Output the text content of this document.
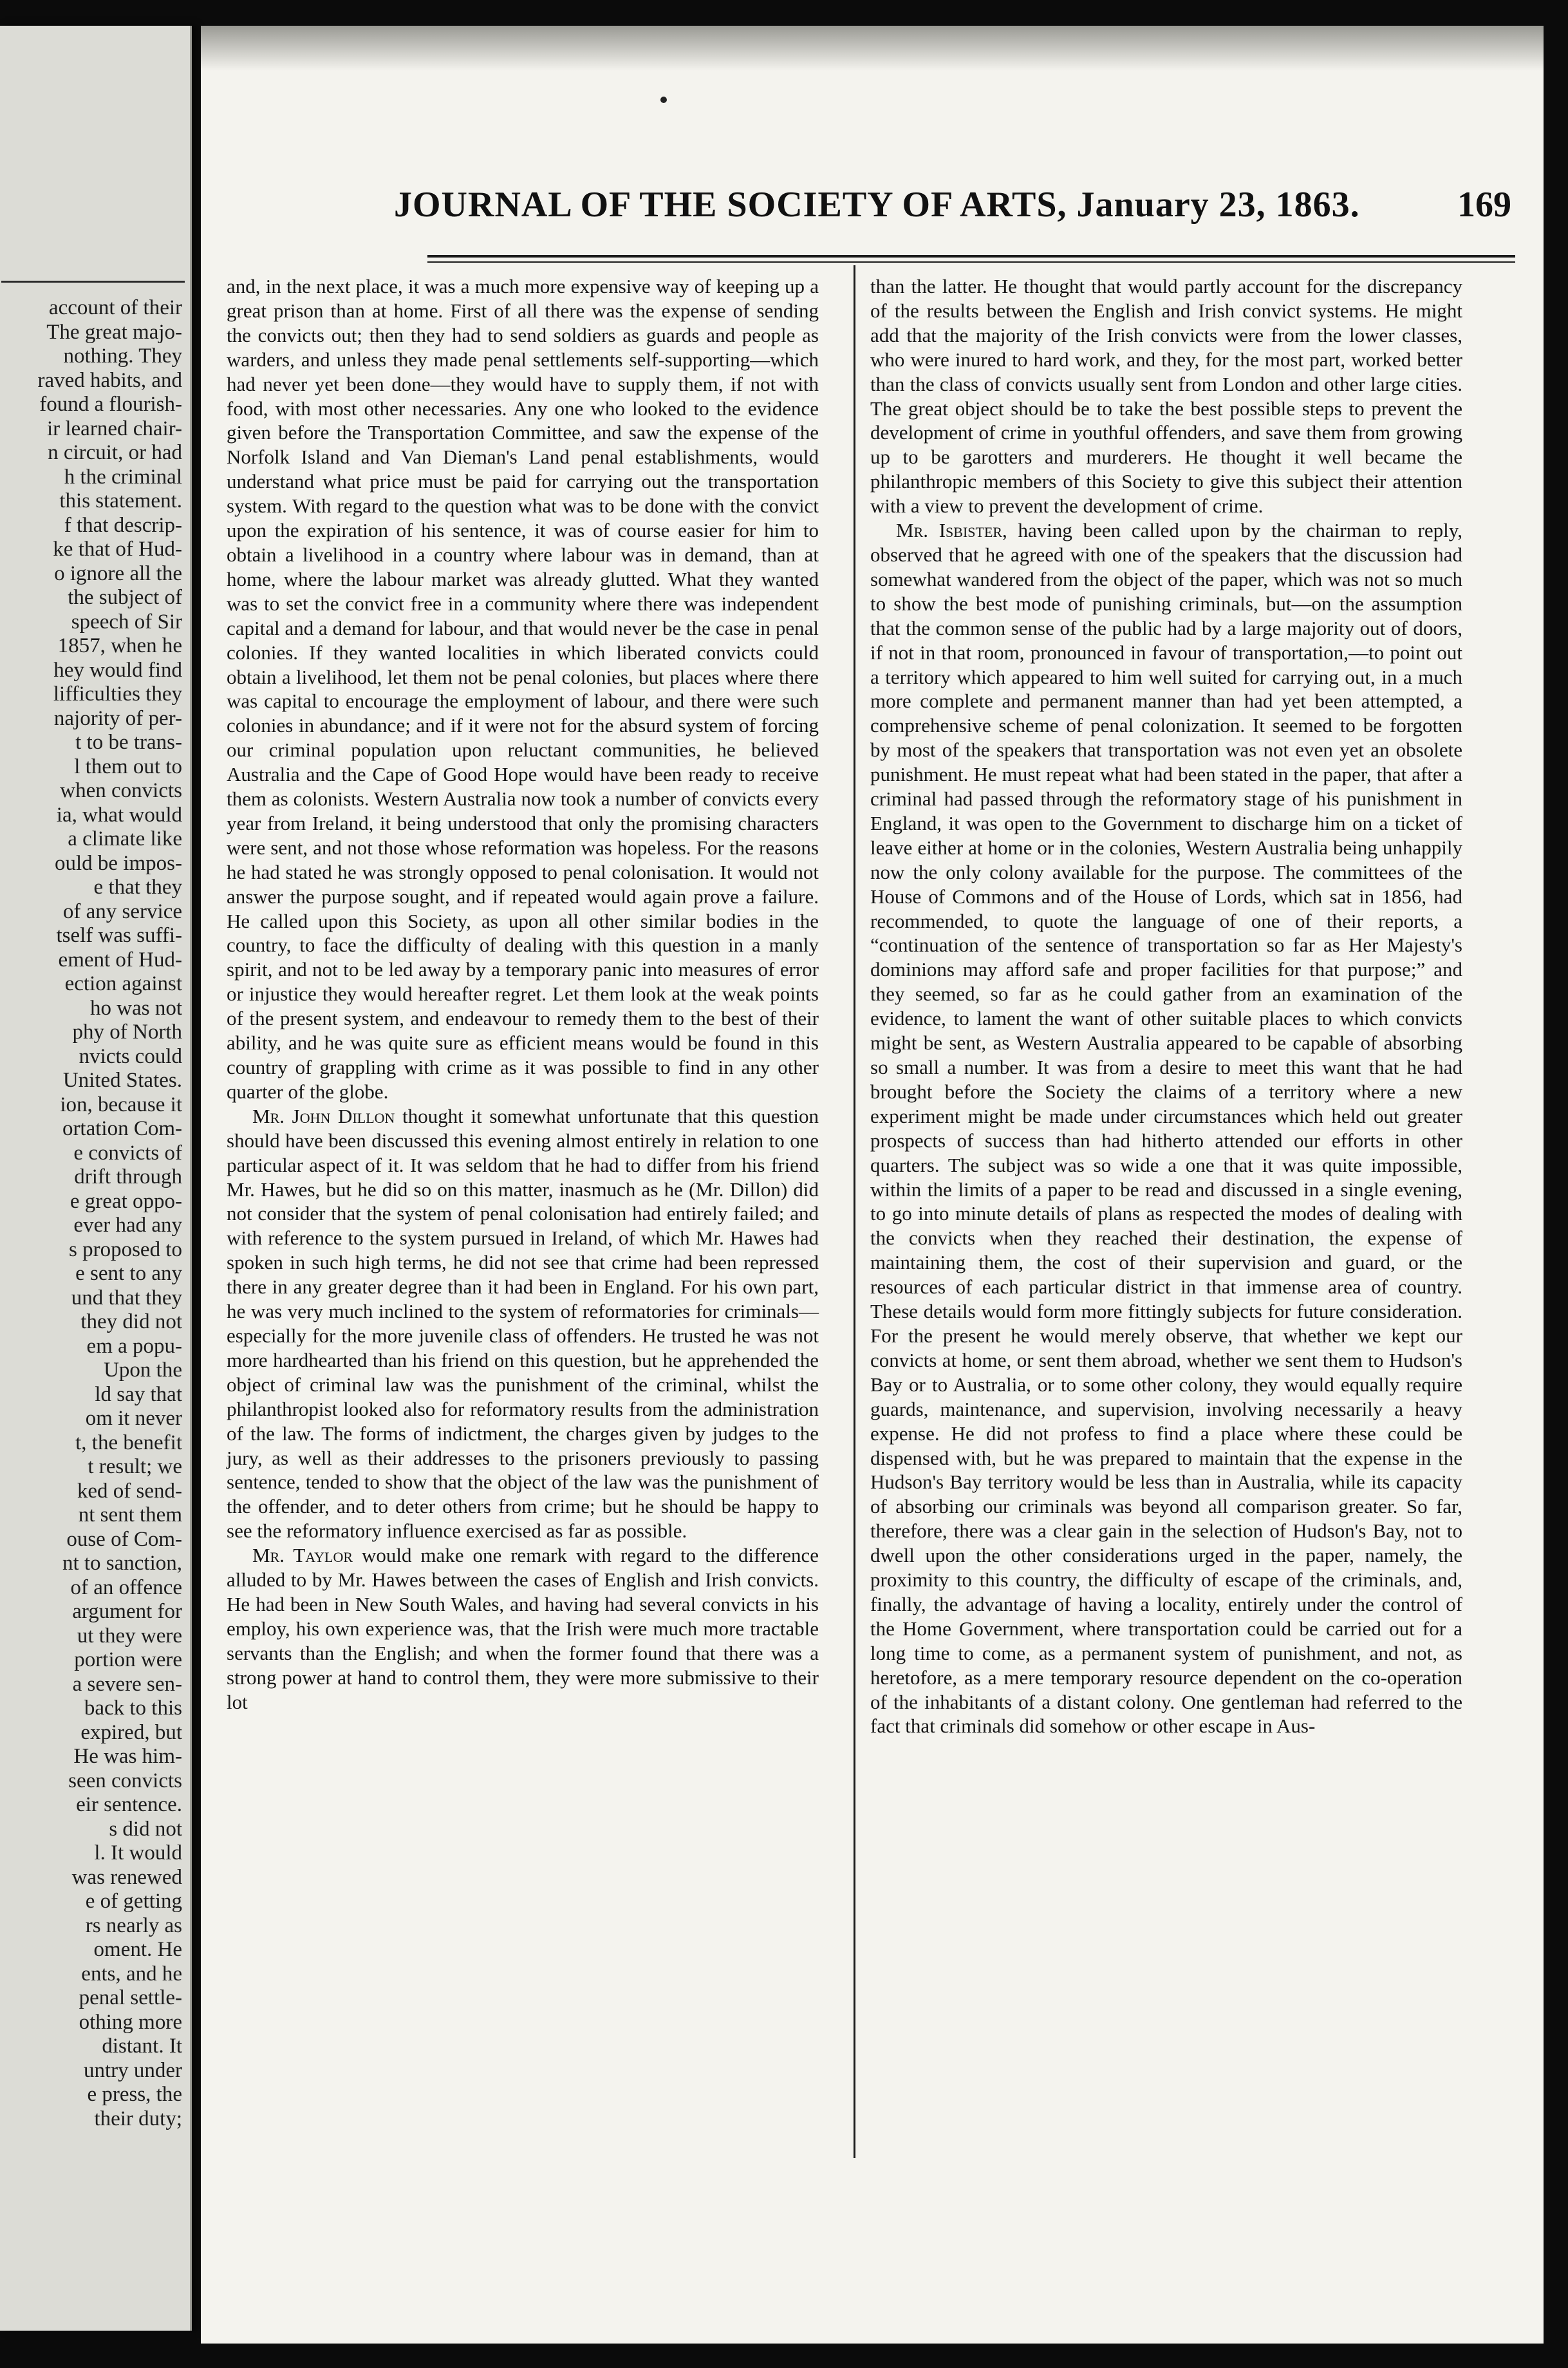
account of their
The great majo-
nothing. They
raved habits, and
found a flourish-
ir learned chair-
n circuit, or had
h the criminal
this statement.
f that descrip-
ke that of Hud-
o ignore all the
the subject of
speech of Sir
1857, when he
hey would find
lifficulties they
najority of per-
t to be trans-
l them out to
when convicts
ia, what would
a climate like
ould be impos-
e that they
of any service
tself was suffi-
ement of Hud-
ection against
ho was not
phy of North
nvicts could
United States.
ion, because it
ortation Com-
e convicts of
drift through
e great oppo-
ever had any
s proposed to
e sent to any
und that they
they did not
em a popu-
Upon the
ld say that
om it never
t, the benefit
t result; we
ked of send-
nt sent them
ouse of Com-
nt to sanction,
of an offence
argument for
ut they were
portion were
a severe sen-
back to this
expired, but
He was him-
seen convicts
eir sentence.
s did not
l. It would
was renewed
e of getting
rs nearly as
oment. He
ents, and he
penal settle-
othing more
distant. It
untry under
e press, the
their duty;
JOURNAL OF THE SOCIETY OF ARTS, January 23, 1863.	169

and, in the next place, it was a much more expensive way of keeping up a great prison than at home. First of all there was the expense of sending the convicts out; then they had to send soldiers as guards and people as warders, and unless they made penal settlements self-supporting—which had never yet been done—they would have to supply them, if not with food, with most other necessaries. Any one who looked to the evidence given before the Transportation Committee, and saw the expense of the Norfolk Island and Van Dieman's Land penal establishments, would understand what price must be paid for carrying out the transportation system. With regard to the question what was to be done with the convict upon the expiration of his sentence, it was of course easier for him to obtain a livelihood in a country where labour was in demand, than at home, where the labour market was already glutted. What they wanted was to set the convict free in a community where there was independent capital and a demand for labour, and that would never be the case in penal colonies. If they wanted localities in which liberated convicts could obtain a livelihood, let them not be penal colonies, but places where there was capital to encourage the employment of labour, and there were such colonies in abundance; and if it were not for the absurd system of forcing our criminal population upon reluctant communities, he believed Australia and the Cape of Good Hope would have been ready to receive them as colonists. Western Australia now took a number of convicts every year from Ireland, it being understood that only the promising characters were sent, and not those whose reformation was hopeless. For the reasons he had stated he was strongly opposed to penal colonisation. It would not answer the purpose sought, and if repeated would again prove a failure. He called upon this Society, as upon all other similar bodies in the country, to face the difficulty of dealing with this question in a manly spirit, and not to be led away by a temporary panic into measures of error or injustice they would hereafter regret. Let them look at the weak points of the present system, and endeavour to remedy them to the best of their ability, and he was quite sure as efficient means would be found in this country of grappling with crime as it was possible to find in any other quarter of the globe.

Mr. John Dillon thought it somewhat unfortunate that this question should have been discussed this evening almost entirely in relation to one particular aspect of it. It was seldom that he had to differ from his friend Mr. Hawes, but he did so on this matter, inasmuch as he (Mr. Dillon) did not consider that the system of penal colonisation had entirely failed; and with reference to the system pursued in Ireland, of which Mr. Hawes had spoken in such high terms, he did not see that crime had been repressed there in any greater degree than it had been in England. For his own part, he was very much inclined to the system of reformatories for criminals—especially for the more juvenile class of offenders. He trusted he was not more hardhearted than his friend on this question, but he apprehended the object of criminal law was the punishment of the criminal, whilst the philanthropist looked also for reformatory results from the administration of the law. The forms of indictment, the charges given by judges to the jury, as well as their addresses to the prisoners previously to passing sentence, tended to show that the object of the law was the punishment of the offender, and to deter others from crime; but he should be happy to see the reformatory influence exercised as far as possible.

Mr. Taylor would make one remark with regard to the difference alluded to by Mr. Hawes between the cases of English and Irish convicts. He had been in New South Wales, and having had several convicts in his employ, his own experience was, that the Irish were much more tractable servants than the English; and when the former found that there was a strong power at hand to control them, they were more submissive to their lot

than the latter. He thought that would partly account for the discrepancy of the results between the English and Irish convict systems. He might add that the majority of the Irish convicts were from the lower classes, who were inured to hard work, and they, for the most part, worked better than the class of convicts usually sent from London and other large cities. The great object should be to take the best possible steps to prevent the development of crime in youthful offenders, and save them from growing up to be garotters and murderers. He thought it well became the philanthropic members of this Society to give this subject their attention with a view to prevent the development of crime.

Mr. Isbister, having been called upon by the chairman to reply, observed that he agreed with one of the speakers that the discussion had somewhat wandered from the object of the paper, which was not so much to show the best mode of punishing criminals, but—on the assumption that the common sense of the public had by a large majority out of doors, if not in that room, pronounced in favour of transportation,—to point out a territory which appeared to him well suited for carrying out, in a much more complete and permanent manner than had yet been attempted, a comprehensive scheme of penal colonization. It seemed to be forgotten by most of the speakers that transportation was not even yet an obsolete punishment. He must repeat what had been stated in the paper, that after a criminal had passed through the reformatory stage of his punishment in England, it was open to the Government to discharge him on a ticket of leave either at home or in the colonies, Western Australia being unhappily now the only colony available for the purpose. The committees of the House of Commons and of the House of Lords, which sat in 1856, had recommended, to quote the language of one of their reports, a “continuation of the sentence of transportation so far as Her Majesty's dominions may afford safe and proper facilities for that purpose;” and they seemed, so far as he could gather from an examination of the evidence, to lament the want of other suitable places to which convicts might be sent, as Western Australia appeared to be capable of absorbing so small a number. It was from a desire to meet this want that he had brought before the Society the claims of a territory where a new experiment might be made under circumstances which held out greater prospects of success than had hitherto attended our efforts in other quarters. The subject was so wide a one that it was quite impossible, within the limits of a paper to be read and discussed in a single evening, to go into minute details of plans as respected the modes of dealing with the convicts when they reached their destination, the expense of maintaining them, the cost of their supervision and guard, or the resources of each particular district in that immense area of country. These details would form more fittingly subjects for future consideration. For the present he would merely observe, that whether we kept our convicts at home, or sent them abroad, whether we sent them to Hudson's Bay or to Australia, or to some other colony, they would equally require guards, maintenance, and supervision, involving necessarily a heavy expense. He did not profess to find a place where these could be dispensed with, but he was prepared to maintain that the expense in the Hudson's Bay territory would be less than in Australia, while its capacity of absorbing our criminals was beyond all comparison greater. So far, therefore, there was a clear gain in the selection of Hudson's Bay, not to dwell upon the other considerations urged in the paper, namely, the proximity to this country, the difficulty of escape of the criminals, and, finally, the advantage of having a locality, entirely under the control of the Home Government, where transportation could be carried out for a long time to come, as a permanent system of punishment, and not, as heretofore, as a mere temporary resource dependent on the co-operation of the inhabitants of a distant colony. One gentleman had referred to the fact that criminals did somehow or other escape in Aus-
